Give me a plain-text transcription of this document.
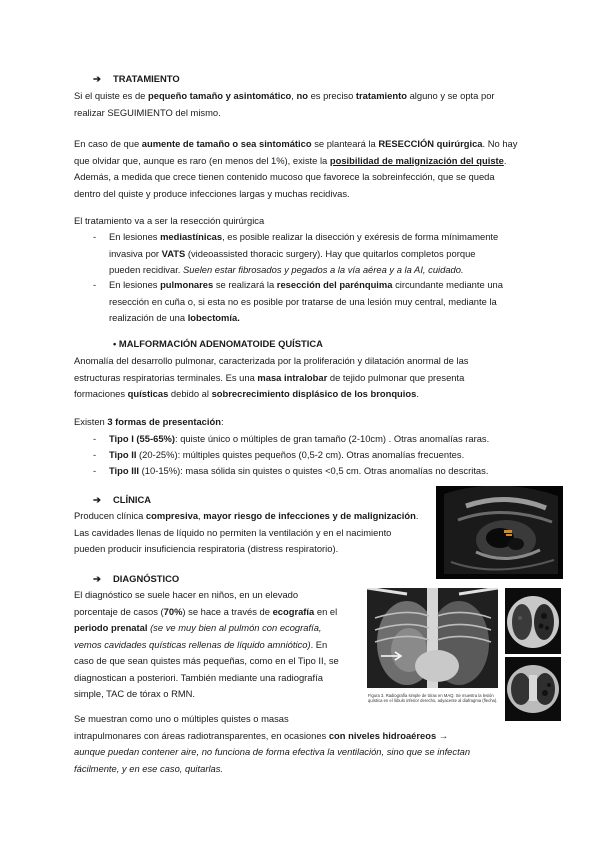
➔ TRATAMIENTO
Si el quiste es de pequeño tamaño y asintomático, no es preciso tratamiento alguno y se opta por
realizar SEGUIMIENTO del mismo.
En caso de que aumente de tamaño o sea sintomático se planteará la RESECCIÓN quirúrgica. No hay
que olvidar que, aunque es raro (en menos del 1%), existe la posibilidad de malignización del quiste.
Además, a medida que crece tienen contenido mucoso que favorece la sobreinfección, que se queda
dentro del quiste y produce infecciones largas y muchas recidivas.
El tratamiento va a ser la resección quirúrgica
- En lesiones mediastínicas, es posible realizar la disección y exéresis de forma mínimamente
invasiva por VATS (videoassisted thoracic surgery). Hay que quitarlos completos porque
pueden recidivar. Suelen estar fibrosados y pegados a la vía aérea y a la AI, cuidado.
- En lesiones pulmonares se realizará la resección del parénquima circundante mediante una
resección en cuña o, si esta no es posible por tratarse de una lesión muy central, mediante la
realización de una lobectomía.
• MALFORMACIÓN ADENOMATOIDE QUÍSTICA
Anomalía del desarrollo pulmonar, caracterizada por la proliferación y dilatación anormal de las
estructuras respiratorias terminales. Es una masa intralobar de tejido pulmonar que presenta
formaciones quísticas debido al sobrecrecimiento displásico de los bronquios.
Existen 3 formas de presentación:
- Tipo I (55-65%): quiste único o múltiples de gran tamaño (2-10cm) . Otras anomalías raras.
- Tipo II (20-25%): múltiples quistes pequeños (0,5-2 cm). Otras anomalías frecuentes.
- Tipo III (10-15%): masa sólida sin quistes o quistes <0,5 cm. Otras anomalías no descritas.
➔ CLÍNICA
Producen clínica compresiva, mayor riesgo de infecciones y de malignización.
Las cavidades llenas de líquido no permiten la ventilación y en el nacimiento
pueden producir insuficiencia respiratoria (distress respiratorio).
➔ DIAGNÓSTICO
El diagnóstico se suele hacer en niños, en un elevado
porcentaje de casos (70%) se hace a través de ecografía en el
periodo prenatal (se ve muy bien al pulmón con ecografía,
vemos cavidades quísticas rellenas de líquido amniótico). En
caso de que sean quistes más pequeñas, como en el Tipo II, se
diagnostican a posteriori. También mediante una radiografía
simple, TAC de tórax o RMN.	Figura 3. Radiografía simple de tórax en MAQ. Se muestra la lesión quística en el lóbulo inferior derecho, adyacente al diafragma (flecha).
Se muestran como uno o múltiples quistes o masas
intrapulmonares con áreas radiotransparentes, en ocasiones con niveles hidroaéreos →
aunque puedan contener aire, no funciona de forma efectiva la ventilación, sino que se infectan
fácilmente, y en ese caso, quitarlas.
